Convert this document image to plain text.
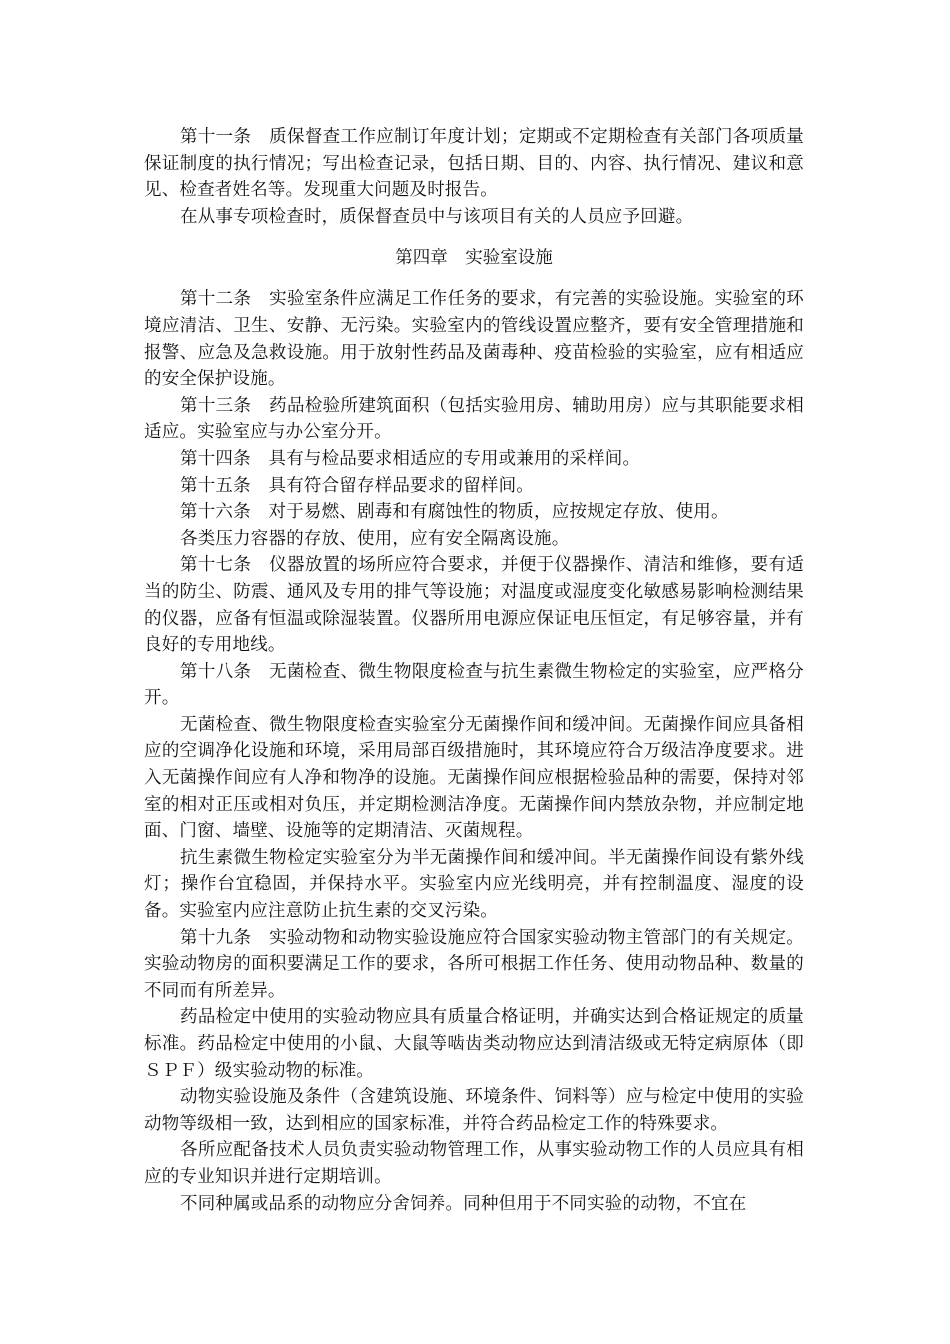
第十一条　质保督查工作应制订年度计划；定期或不定期检查有关部门各项质量保证制度的执行情况；写出检查记录，包括日期、目的、内容、执行情况、建议和意见、检查者姓名等。发现重大问题及时报告。

在从事专项检查时，质保督查员中与该项目有关的人员应予回避。

第四章　实验室设施

第十二条　实验室条件应满足工作任务的要求，有完善的实验设施。实验室的环境应清洁、卫生、安静、无污染。实验室内的管线设置应整齐，要有安全管理措施和报警、应急及急救设施。用于放射性药品及菌毒种、疫苗检验的实验室，应有相适应的安全保护设施。

第十三条　药品检验所建筑面积（包括实验用房、辅助用房）应与其职能要求相适应。实验室应与办公室分开。

第十四条　具有与检品要求相适应的专用或兼用的采样间。

第十五条　具有符合留存样品要求的留样间。

第十六条　对于易燃、剧毒和有腐蚀性的物质，应按规定存放、使用。

各类压力容器的存放、使用，应有安全隔离设施。

第十七条　仪器放置的场所应符合要求，并便于仪器操作、清洁和维修，要有适当的防尘、防震、通风及专用的排气等设施；对温度或湿度变化敏感易影响检测结果的仪器，应备有恒温或除湿装置。仪器所用电源应保证电压恒定，有足够容量，并有良好的专用地线。

第十八条　无菌检查、微生物限度检查与抗生素微生物检定的实验室，应严格分开。

无菌检查、微生物限度检查实验室分无菌操作间和缓冲间。无菌操作间应具备相应的空调净化设施和环境，采用局部百级措施时，其环境应符合万级洁净度要求。进入无菌操作间应有人净和物净的设施。无菌操作间应根据检验品种的需要，保持对邻室的相对正压或相对负压，并定期检测洁净度。无菌操作间内禁放杂物，并应制定地面、门窗、墙壁、设施等的定期清洁、灭菌规程。

抗生素微生物检定实验室分为半无菌操作间和缓冲间。半无菌操作间设有紫外线灯；操作台宜稳固，并保持水平。实验室内应光线明亮，并有控制温度、湿度的设备。实验室内应注意防止抗生素的交叉污染。

第十九条　实验动物和动物实验设施应符合国家实验动物主管部门的有关规定。实验动物房的面积要满足工作的要求，各所可根据工作任务、使用动物品种、数量的不同而有所差异。

药品检定中使用的实验动物应具有质量合格证明，并确实达到合格证规定的质量标准。药品检定中使用的小鼠、大鼠等啮齿类动物应达到清洁级或无特定病原体（即ＳＰＦ）级实验动物的标准。

动物实验设施及条件（含建筑设施、环境条件、饲料等）应与检定中使用的实验动物等级相一致，达到相应的国家标准，并符合药品检定工作的特殊要求。

各所应配备技术人员负责实验动物管理工作，从事实验动物工作的人员应具有相应的专业知识并进行定期培训。

不同种属或品系的动物应分舍饲养。同种但用于不同实验的动物，不宜在
